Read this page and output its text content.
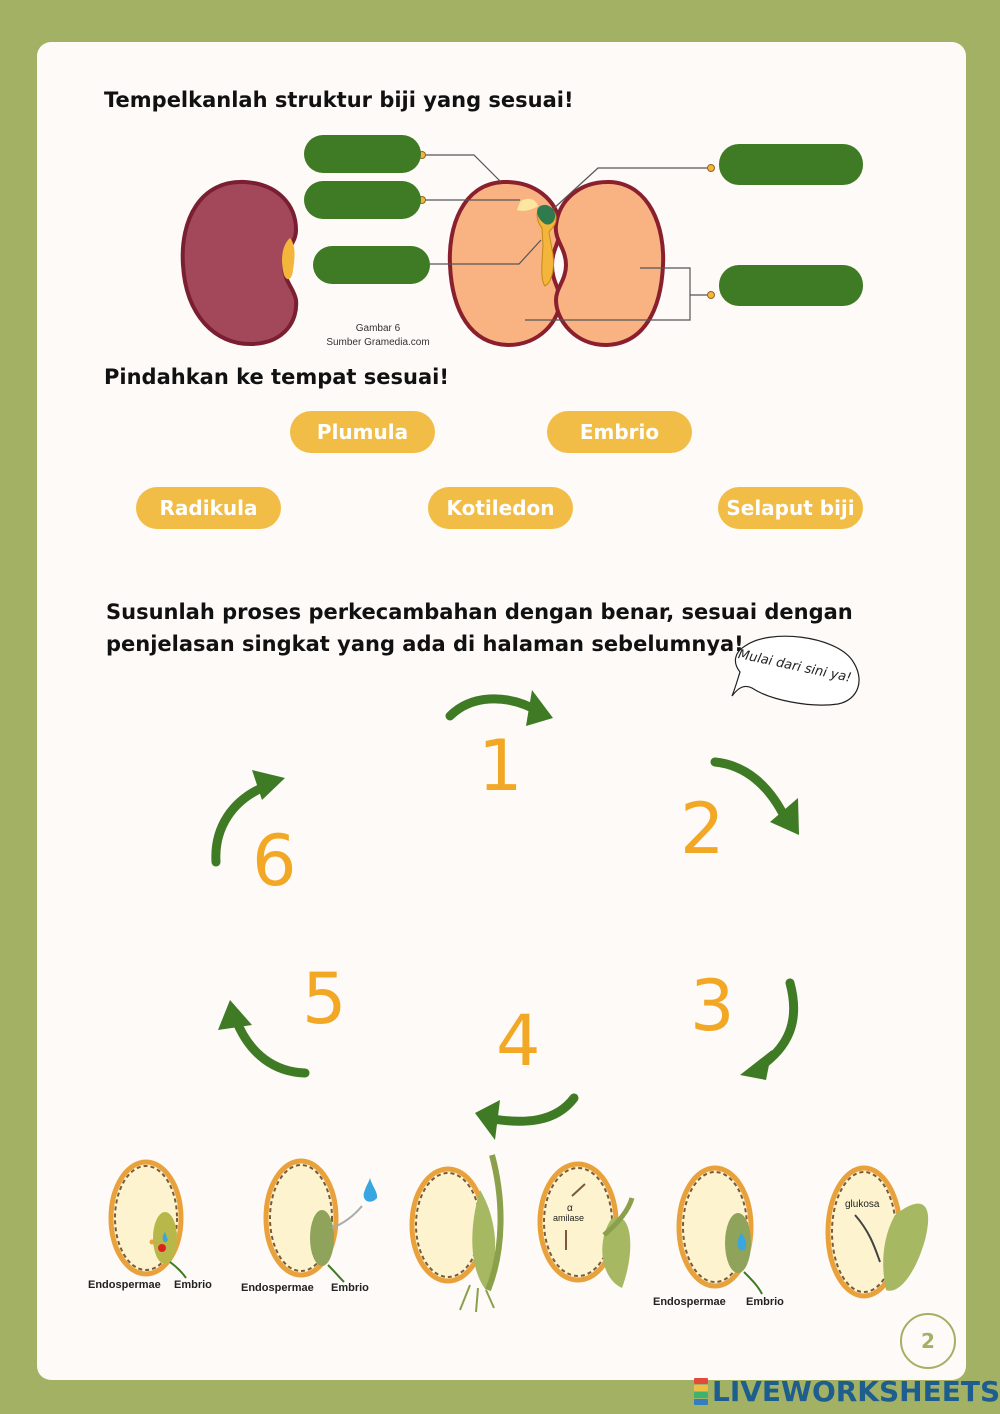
Tempelkanlah struktur biji yang sesuai!
Gambar 6
Sumber Gramedia.com
Pindahkan ke tempat sesuai!
Plumula	Embrio
Radikula	Kotiledon	Selaput biji
Susunlah proses perkecambahan dengan benar, sesuai dengan
penjelasan singkat yang ada di halaman sebelumnya!
Mulai dari sini ya!
1
2
3
4
5
6
Endospermae Embrio	Endospermae Embrio
α
amilase
Endospermae Embrio
glukosa
2
LIVEWORKSHEETS
